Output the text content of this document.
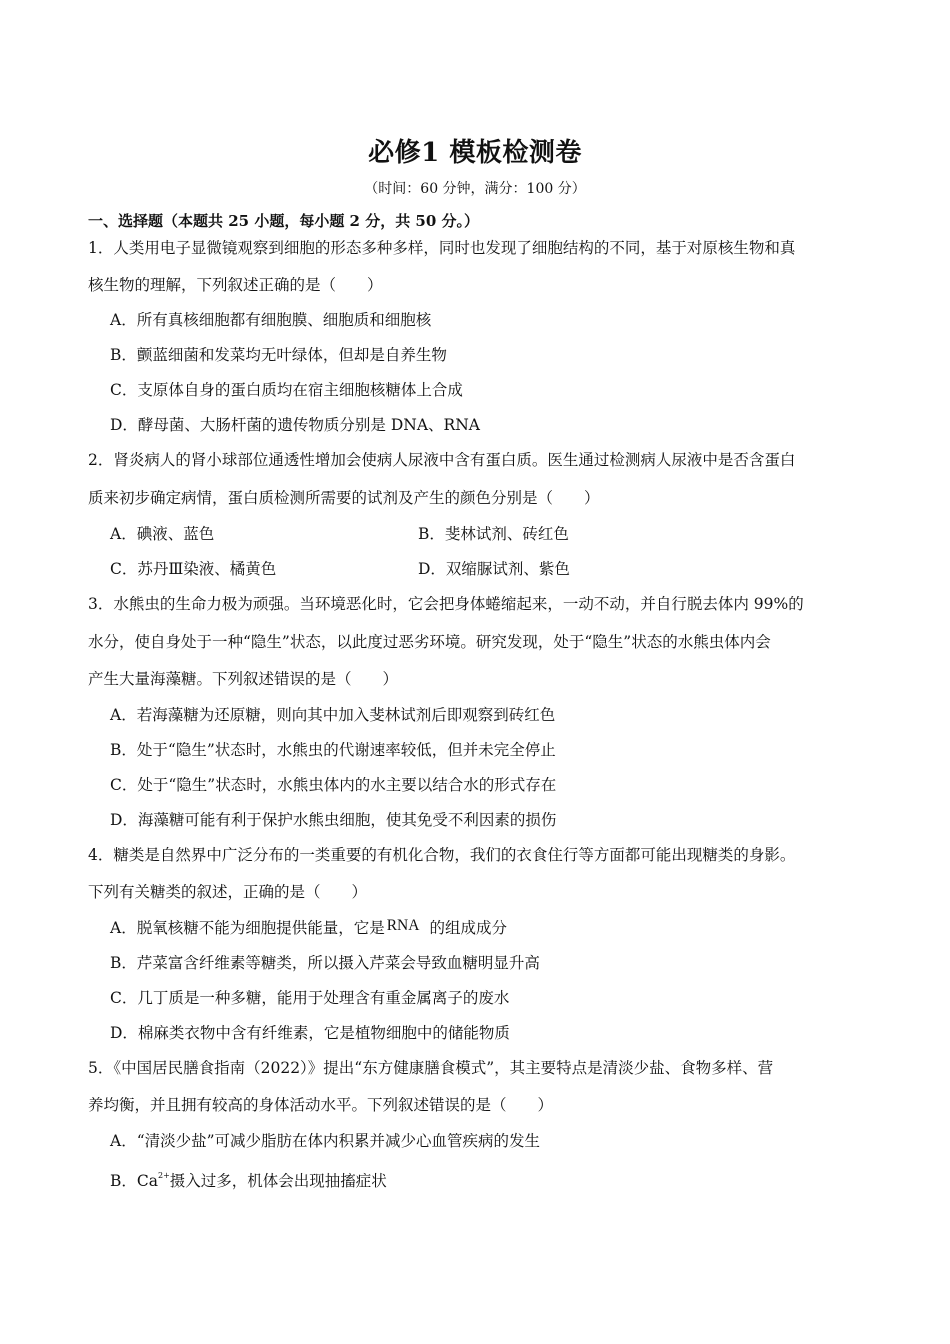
必修1 模板检测卷
（时间：60 分钟，满分：100 分）
一、选择题（本题共 25 小题，每小题 2 分，共 50 分。）
1．人类用电子显微镜观察到细胞的形态多种多样，同时也发现了细胞结构的不同，基于对原核生物和真
核生物的理解，下列叙述正确的是（　　）
A．所有真核细胞都有细胞膜、细胞质和细胞核
B．颤蓝细菌和发菜均无叶绿体，但却是自养生物
C．支原体自身的蛋白质均在宿主细胞核糖体上合成
D．酵母菌、大肠杆菌的遗传物质分别是 DNA、RNA
2．肾炎病人的肾小球部位通透性增加会使病人尿液中含有蛋白质。医生通过检测病人尿液中是否含蛋白
质来初步确定病情，蛋白质检测所需要的试剂及产生的颜色分别是（　　）
A．碘液、蓝色	B．斐林试剂、砖红色
C．苏丹Ⅲ染液、橘黄色	D．双缩脲试剂、紫色
3．水熊虫的生命力极为顽强。当环境恶化时，它会把身体蜷缩起来，一动不动，并自行脱去体内 99%的
水分，使自身处于一种“隐生”状态，以此度过恶劣环境。研究发现，处于“隐生”状态的水熊虫体内会
产生大量海藻糖。下列叙述错误的是（　　）
A．若海藻糖为还原糖，则向其中加入斐林试剂后即观察到砖红色
B．处于“隐生”状态时，水熊虫的代谢速率较低，但并未完全停止
C．处于“隐生”状态时，水熊虫体内的水主要以结合水的形式存在
D．海藻糖可能有利于保护水熊虫细胞，使其免受不利因素的损伤
4．糖类是自然界中广泛分布的一类重要的有机化合物，我们的衣食住行等方面都可能出现糖类的身影。
下列有关糖类的叙述，正确的是（　　）
A．脱氧核糖不能为细胞提供能量，它是 RNA 的组成成分
B．芹菜富含纤维素等糖类，所以摄入芹菜会导致血糖明显升高
C．几丁质是一种多糖，能用于处理含有重金属离子的废水
D．棉麻类衣物中含有纤维素，它是植物细胞中的储能物质
5．《中国居民膳食指南（2022）》提出“东方健康膳食模式”，其主要特点是清淡少盐、食物多样、营
养均衡，并且拥有较高的身体活动水平。下列叙述错误的是（　　）
A．“清淡少盐”可减少脂肪在体内积累并减少心血管疾病的发生
B．$Ca^{2+}$摄入过多，机体会出现抽搐症状
